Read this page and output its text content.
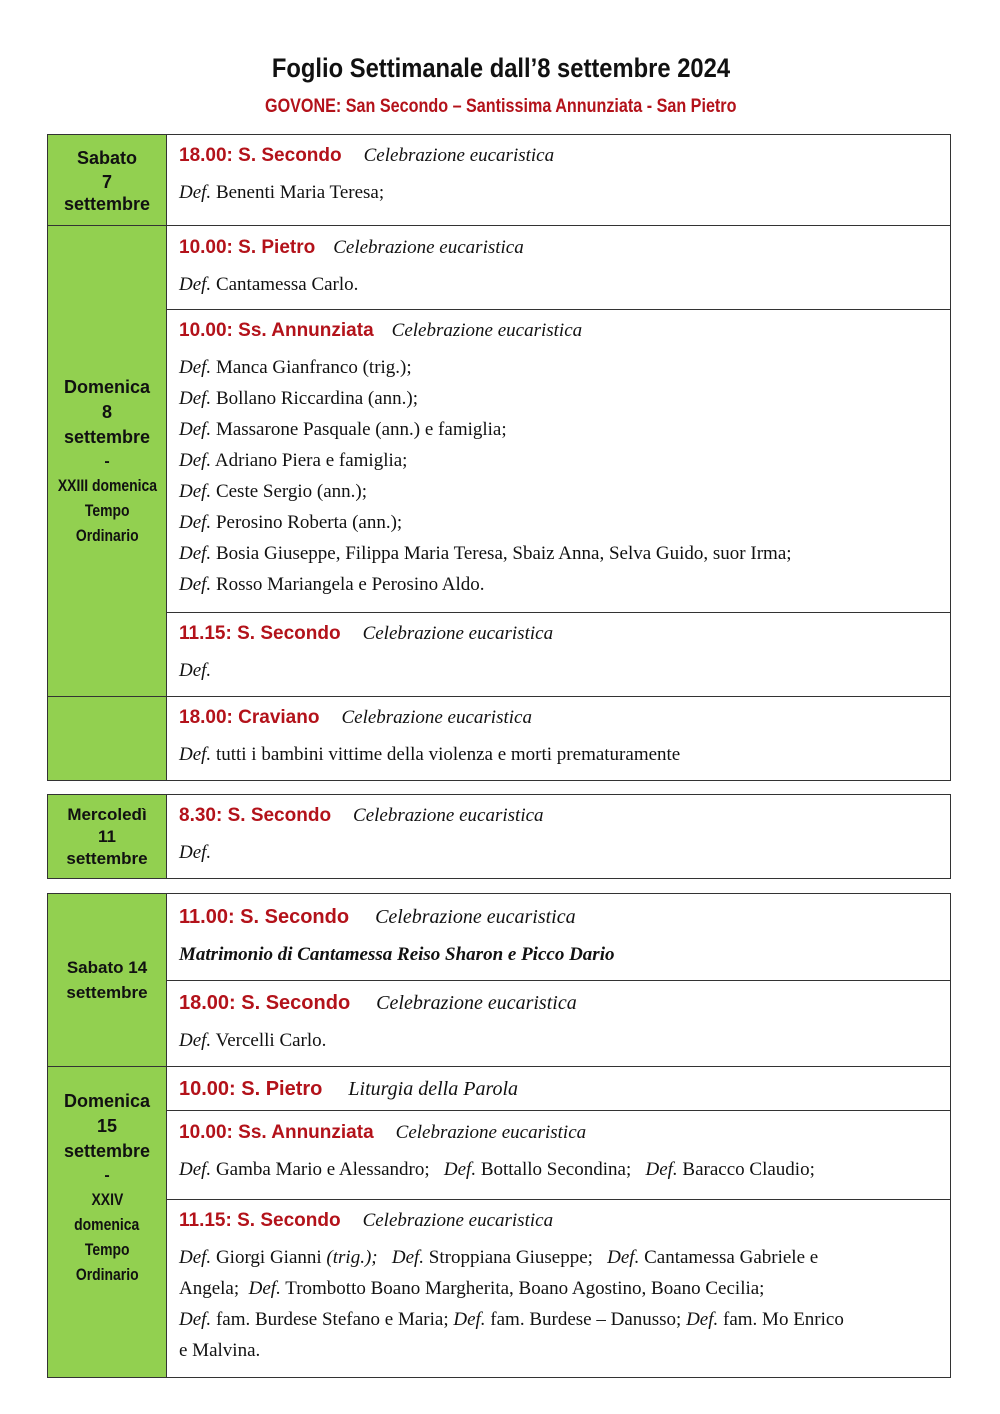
Foglio Settimanale dall’8 settembre 2024
GOVONE: San Secondo – Santissima Annunziata - San Pietro
Sabato
7
settembre
Domenica
8
settembre
-
XXIII domenica
Tempo
Ordinario
18.00: S. Secondo Celebrazione eucaristica
Def. Benenti Maria Teresa;
10.00: S. Pietro Celebrazione eucaristica
Def. Cantamessa Carlo.
10.00: Ss. Annunziata Celebrazione eucaristica
Def. Manca Gianfranco (trig.);
Def. Bollano Riccardina (ann.);
Def. Massarone Pasquale (ann.) e famiglia;
Def. Adriano Piera e famiglia;
Def. Ceste Sergio (ann.);
Def. Perosino Roberta (ann.);
Def. Bosia Giuseppe, Filippa Maria Teresa, Sbaiz Anna, Selva Guido, suor Irma;
Def. Rosso Mariangela e Perosino Aldo.
11.15: S. Secondo Celebrazione eucaristica
Def.
18.00: Craviano Celebrazione eucaristica
Def. tutti i bambini vittime della violenza e morti prematuramente
Mercoledì
11
settembre
8.30: S. Secondo Celebrazione eucaristica
Def.
Sabato 14
settembre
Domenica
15
settembre
-
XXIV
domenica
Tempo
Ordinario
11.00: S. Secondo Celebrazione eucaristica
Matrimonio di Cantamessa Reiso Sharon e Picco Dario
18.00: S. Secondo Celebrazione eucaristica
Def. Vercelli Carlo.
10.00: S. Pietro Liturgia della Parola
10.00: Ss. Annunziata Celebrazione eucaristica
Def. Gamba Mario e Alessandro; Def. Bottallo Secondina; Def. Baracco Claudio;
11.15: S. Secondo Celebrazione eucaristica
Def. Giorgi Gianni (trig.); Def. Stroppiana Giuseppe; Def. Cantamessa Gabriele e
Angela; Def. Trombotto Boano Margherita, Boano Agostino, Boano Cecilia;
Def. fam. Burdese Stefano e Maria; Def. fam. Burdese – Danusso; Def. fam. Mo Enrico
e Malvina.
